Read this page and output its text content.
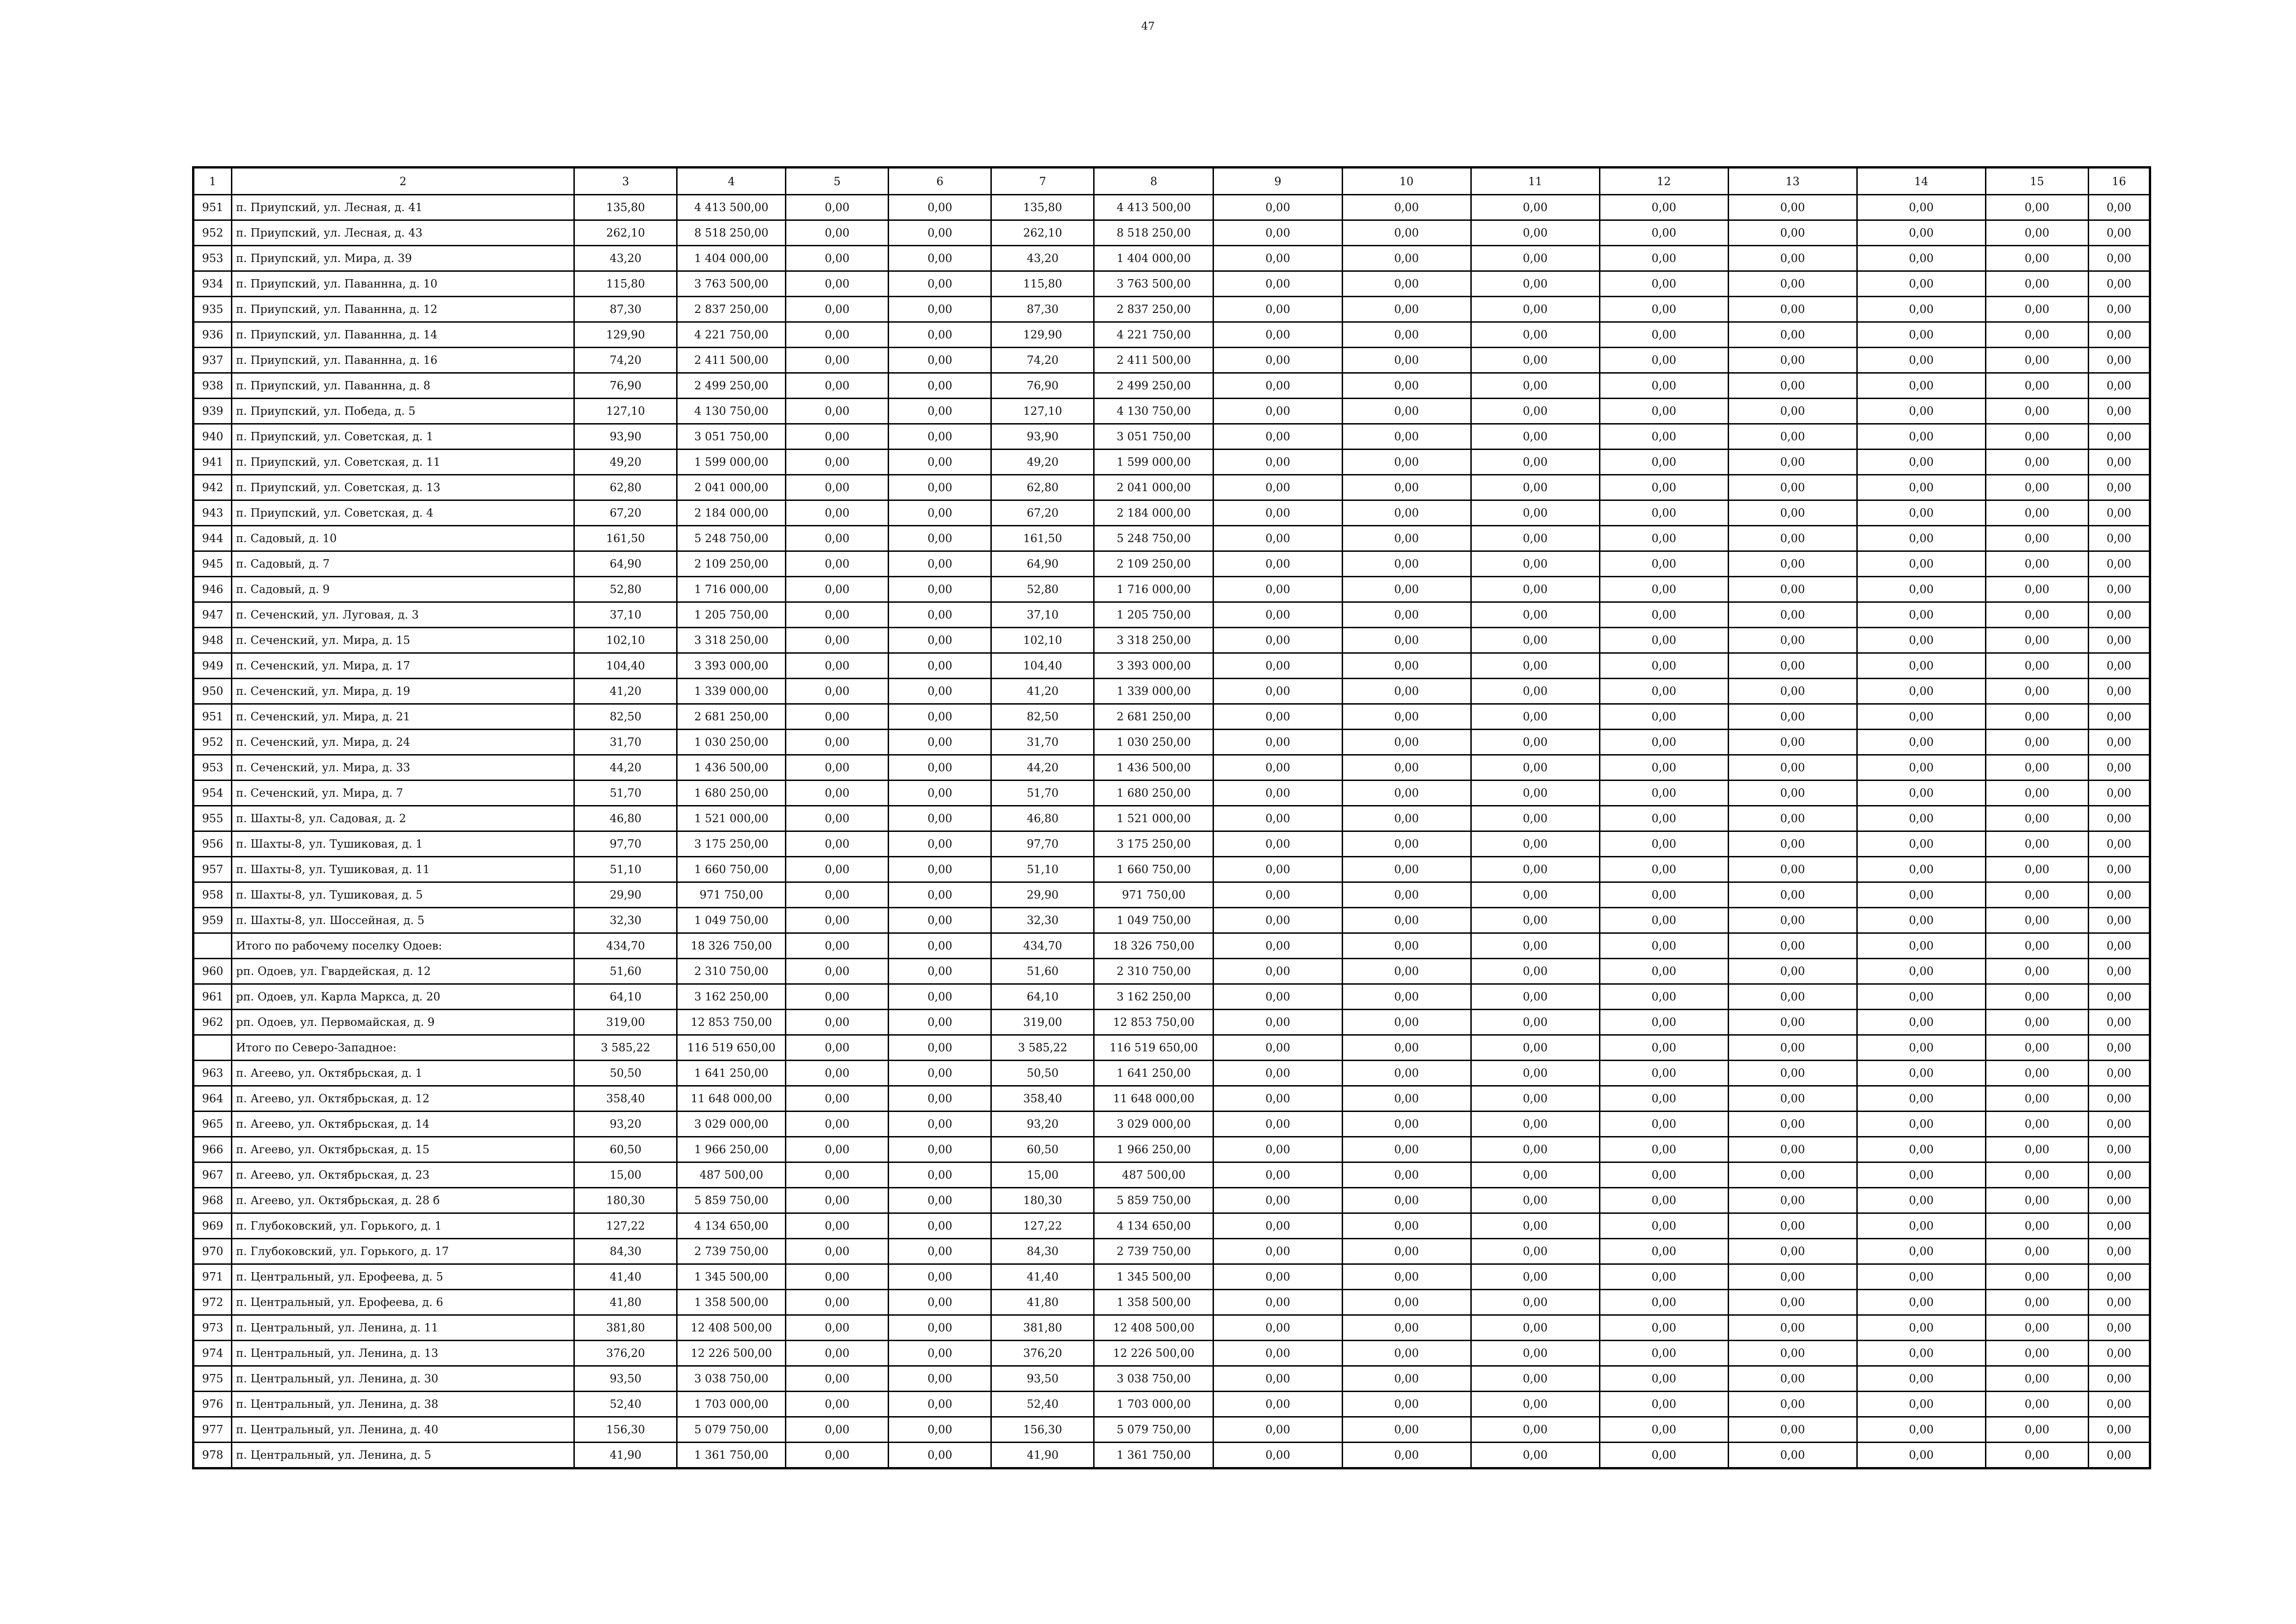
47
1	2	3	4	5	6	7	8	9	10	11	12	13	14	15	16
951	п. Приупский, ул. Лесная, д. 41	135,80	4 413 500,00	0,00	0,00	135,80	4 413 500,00	0,00	0,00	0,00	0,00	0,00	0,00	0,00	0,00
952	п. Приупский, ул. Лесная, д. 43	262,10	8 518 250,00	0,00	0,00	262,10	8 518 250,00	0,00	0,00	0,00	0,00	0,00	0,00	0,00	0,00
953	п. Приупский, ул. Мира, д. 39	43,20	1 404 000,00	0,00	0,00	43,20	1 404 000,00	0,00	0,00	0,00	0,00	0,00	0,00	0,00	0,00
934	п. Приупский, ул. Паваннна, д. 10	115,80	3 763 500,00	0,00	0,00	115,80	3 763 500,00	0,00	0,00	0,00	0,00	0,00	0,00	0,00	0,00
935	п. Приупский, ул. Паваннна, д. 12	87,30	2 837 250,00	0,00	0,00	87,30	2 837 250,00	0,00	0,00	0,00	0,00	0,00	0,00	0,00	0,00
936	п. Приупский, ул. Паваннна, д. 14	129,90	4 221 750,00	0,00	0,00	129,90	4 221 750,00	0,00	0,00	0,00	0,00	0,00	0,00	0,00	0,00
937	п. Приупский, ул. Паваннна, д. 16	74,20	2 411 500,00	0,00	0,00	74,20	2 411 500,00	0,00	0,00	0,00	0,00	0,00	0,00	0,00	0,00
938	п. Приупский, ул. Паваннна, д. 8	76,90	2 499 250,00	0,00	0,00	76,90	2 499 250,00	0,00	0,00	0,00	0,00	0,00	0,00	0,00	0,00
939	п. Приупский, ул. Победа, д. 5	127,10	4 130 750,00	0,00	0,00	127,10	4 130 750,00	0,00	0,00	0,00	0,00	0,00	0,00	0,00	0,00
940	п. Приупский, ул. Советская, д. 1	93,90	3 051 750,00	0,00	0,00	93,90	3 051 750,00	0,00	0,00	0,00	0,00	0,00	0,00	0,00	0,00
941	п. Приупский, ул. Советская, д. 11	49,20	1 599 000,00	0,00	0,00	49,20	1 599 000,00	0,00	0,00	0,00	0,00	0,00	0,00	0,00	0,00
942	п. Приупский, ул. Советская, д. 13	62,80	2 041 000,00	0,00	0,00	62,80	2 041 000,00	0,00	0,00	0,00	0,00	0,00	0,00	0,00	0,00
943	п. Приупский, ул. Советская, д. 4	67,20	2 184 000,00	0,00	0,00	67,20	2 184 000,00	0,00	0,00	0,00	0,00	0,00	0,00	0,00	0,00
944	п. Садовый, д. 10	161,50	5 248 750,00	0,00	0,00	161,50	5 248 750,00	0,00	0,00	0,00	0,00	0,00	0,00	0,00	0,00
945	п. Садовый, д. 7	64,90	2 109 250,00	0,00	0,00	64,90	2 109 250,00	0,00	0,00	0,00	0,00	0,00	0,00	0,00	0,00
946	п. Садовый, д. 9	52,80	1 716 000,00	0,00	0,00	52,80	1 716 000,00	0,00	0,00	0,00	0,00	0,00	0,00	0,00	0,00
947	п. Сеченский, ул. Луговая, д. 3	37,10	1 205 750,00	0,00	0,00	37,10	1 205 750,00	0,00	0,00	0,00	0,00	0,00	0,00	0,00	0,00
948	п. Сеченский, ул. Мира, д. 15	102,10	3 318 250,00	0,00	0,00	102,10	3 318 250,00	0,00	0,00	0,00	0,00	0,00	0,00	0,00	0,00
949	п. Сеченский, ул. Мира, д. 17	104,40	3 393 000,00	0,00	0,00	104,40	3 393 000,00	0,00	0,00	0,00	0,00	0,00	0,00	0,00	0,00
950	п. Сеченский, ул. Мира, д. 19	41,20	1 339 000,00	0,00	0,00	41,20	1 339 000,00	0,00	0,00	0,00	0,00	0,00	0,00	0,00	0,00
951	п. Сеченский, ул. Мира, д. 21	82,50	2 681 250,00	0,00	0,00	82,50	2 681 250,00	0,00	0,00	0,00	0,00	0,00	0,00	0,00	0,00
952	п. Сеченский, ул. Мира, д. 24	31,70	1 030 250,00	0,00	0,00	31,70	1 030 250,00	0,00	0,00	0,00	0,00	0,00	0,00	0,00	0,00
953	п. Сеченский, ул. Мира, д. 33	44,20	1 436 500,00	0,00	0,00	44,20	1 436 500,00	0,00	0,00	0,00	0,00	0,00	0,00	0,00	0,00
954	п. Сеченский, ул. Мира, д. 7	51,70	1 680 250,00	0,00	0,00	51,70	1 680 250,00	0,00	0,00	0,00	0,00	0,00	0,00	0,00	0,00
955	п. Шахты-8, ул. Садовая, д. 2	46,80	1 521 000,00	0,00	0,00	46,80	1 521 000,00	0,00	0,00	0,00	0,00	0,00	0,00	0,00	0,00
956	п. Шахты-8, ул. Тушиковая, д. 1	97,70	3 175 250,00	0,00	0,00	97,70	3 175 250,00	0,00	0,00	0,00	0,00	0,00	0,00	0,00	0,00
957	п. Шахты-8, ул. Тушиковая, д. 11	51,10	1 660 750,00	0,00	0,00	51,10	1 660 750,00	0,00	0,00	0,00	0,00	0,00	0,00	0,00	0,00
958	п. Шахты-8, ул. Тушиковая, д. 5	29,90	971 750,00	0,00	0,00	29,90	971 750,00	0,00	0,00	0,00	0,00	0,00	0,00	0,00	0,00
959	п. Шахты-8, ул. Шоссейная, д. 5	32,30	1 049 750,00	0,00	0,00	32,30	1 049 750,00	0,00	0,00	0,00	0,00	0,00	0,00	0,00	0,00
	Итого по рабочему поселку Одоев:	434,70	18 326 750,00	0,00	0,00	434,70	18 326 750,00	0,00	0,00	0,00	0,00	0,00	0,00	0,00	0,00
960	рп. Одоев, ул. Гвардейская, д. 12	51,60	2 310 750,00	0,00	0,00	51,60	2 310 750,00	0,00	0,00	0,00	0,00	0,00	0,00	0,00	0,00
961	рп. Одоев, ул. Карла Маркса, д. 20	64,10	3 162 250,00	0,00	0,00	64,10	3 162 250,00	0,00	0,00	0,00	0,00	0,00	0,00	0,00	0,00
962	рп. Одоев, ул. Первомайская, д. 9	319,00	12 853 750,00	0,00	0,00	319,00	12 853 750,00	0,00	0,00	0,00	0,00	0,00	0,00	0,00	0,00
	Итого по Северо-Западное:	3 585,22	116 519 650,00	0,00	0,00	3 585,22	116 519 650,00	0,00	0,00	0,00	0,00	0,00	0,00	0,00	0,00
963	п. Агеево, ул. Октябрьская, д. 1	50,50	1 641 250,00	0,00	0,00	50,50	1 641 250,00	0,00	0,00	0,00	0,00	0,00	0,00	0,00	0,00
964	п. Агеево, ул. Октябрьская, д. 12	358,40	11 648 000,00	0,00	0,00	358,40	11 648 000,00	0,00	0,00	0,00	0,00	0,00	0,00	0,00	0,00
965	п. Агеево, ул. Октябрьская, д. 14	93,20	3 029 000,00	0,00	0,00	93,20	3 029 000,00	0,00	0,00	0,00	0,00	0,00	0,00	0,00	0,00
966	п. Агеево, ул. Октябрьская, д. 15	60,50	1 966 250,00	0,00	0,00	60,50	1 966 250,00	0,00	0,00	0,00	0,00	0,00	0,00	0,00	0,00
967	п. Агеево, ул. Октябрьская, д. 23	15,00	487 500,00	0,00	0,00	15,00	487 500,00	0,00	0,00	0,00	0,00	0,00	0,00	0,00	0,00
968	п. Агеево, ул. Октябрьская, д. 28 б	180,30	5 859 750,00	0,00	0,00	180,30	5 859 750,00	0,00	0,00	0,00	0,00	0,00	0,00	0,00	0,00
969	п. Глубоковский, ул. Горького, д. 1	127,22	4 134 650,00	0,00	0,00	127,22	4 134 650,00	0,00	0,00	0,00	0,00	0,00	0,00	0,00	0,00
970	п. Глубоковский, ул. Горького, д. 17	84,30	2 739 750,00	0,00	0,00	84,30	2 739 750,00	0,00	0,00	0,00	0,00	0,00	0,00	0,00	0,00
971	п. Центральный, ул. Ерофеева, д. 5	41,40	1 345 500,00	0,00	0,00	41,40	1 345 500,00	0,00	0,00	0,00	0,00	0,00	0,00	0,00	0,00
972	п. Центральный, ул. Ерофеева, д. 6	41,80	1 358 500,00	0,00	0,00	41,80	1 358 500,00	0,00	0,00	0,00	0,00	0,00	0,00	0,00	0,00
973	п. Центральный, ул. Ленина, д. 11	381,80	12 408 500,00	0,00	0,00	381,80	12 408 500,00	0,00	0,00	0,00	0,00	0,00	0,00	0,00	0,00
974	п. Центральный, ул. Ленина, д. 13	376,20	12 226 500,00	0,00	0,00	376,20	12 226 500,00	0,00	0,00	0,00	0,00	0,00	0,00	0,00	0,00
975	п. Центральный, ул. Ленина, д. 30	93,50	3 038 750,00	0,00	0,00	93,50	3 038 750,00	0,00	0,00	0,00	0,00	0,00	0,00	0,00	0,00
976	п. Центральный, ул. Ленина, д. 38	52,40	1 703 000,00	0,00	0,00	52,40	1 703 000,00	0,00	0,00	0,00	0,00	0,00	0,00	0,00	0,00
977	п. Центральный, ул. Ленина, д. 40	156,30	5 079 750,00	0,00	0,00	156,30	5 079 750,00	0,00	0,00	0,00	0,00	0,00	0,00	0,00	0,00
978	п. Центральный, ул. Ленина, д. 5	41,90	1 361 750,00	0,00	0,00	41,90	1 361 750,00	0,00	0,00	0,00	0,00	0,00	0,00	0,00	0,00
